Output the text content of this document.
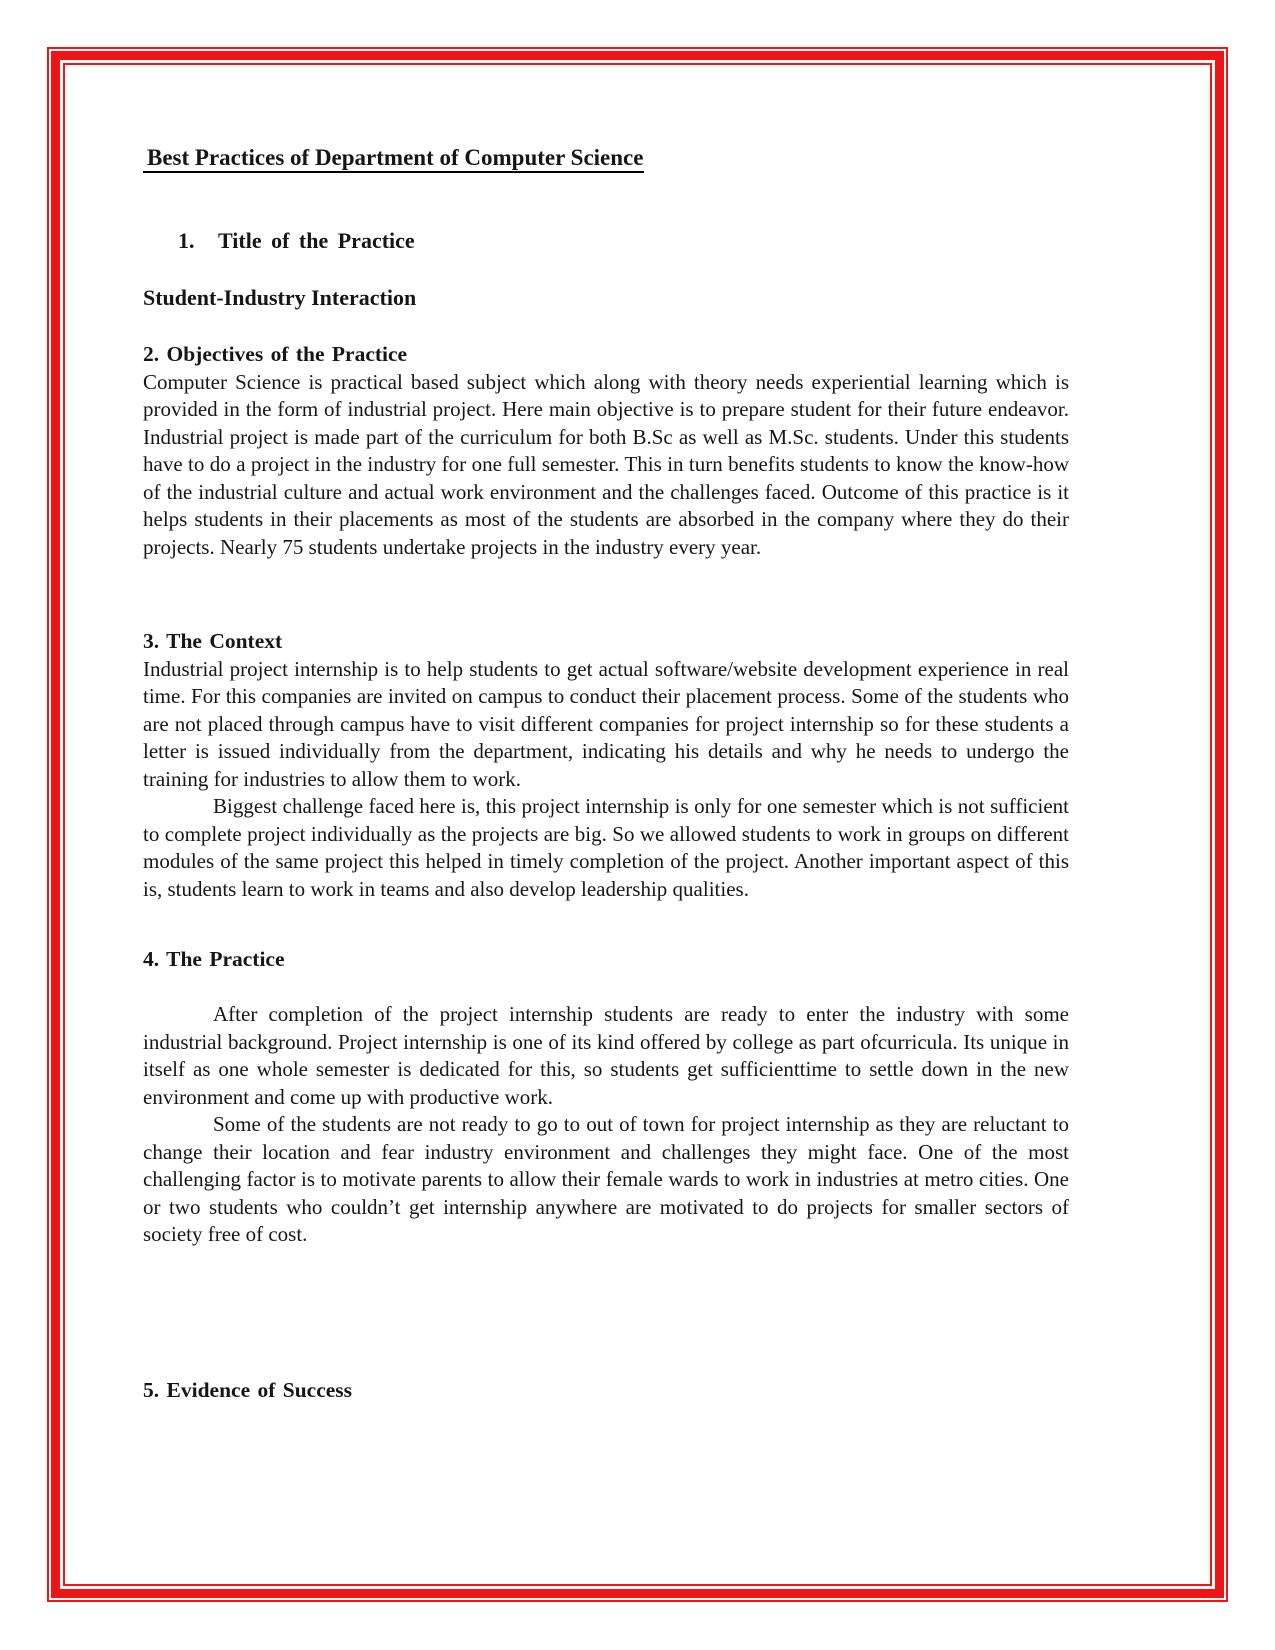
Best Practices of Department of Computer Science
1. Title of the Practice

Student-Industry Interaction

2. Objectives of the Practice

Computer Science is practical based subject which along with theory needs experiential learning which is provided in the form of industrial project. Here main objective is to prepare student for their future endeavor. Industrial project is made part of the curriculum for both B.Sc as well as M.Sc. students. Under this students have to do a project in the industry for one full semester. This in turn benefits students to know the know-how of the industrial culture and actual work environment and the challenges faced. Outcome of this practice is it helps students in their placements as most of the students are absorbed in the company where they do their projects. Nearly 75 students undertake projects in the industry every year.

3. The Context

Industrial project internship is to help students to get actual software/website development experience in real time. For this companies are invited on campus to conduct their placement process. Some of the students who are not placed through campus have to visit different companies for project internship so for these students a letter is issued individually from the department, indicating his details and why he needs to undergo the training for industries to allow them to work.

Biggest challenge faced here is, this project internship is only for one semester which is not sufficient to complete project individually as the projects are big. So we allowed students to work in groups on different modules of the same project this helped in timely completion of the project. Another important aspect of this is, students learn to work in teams and also develop leadership qualities.

4. The Practice

After completion of the project internship students are ready to enter the industry with some industrial background. Project internship is one of its kind offered by college as part ofcurricula. Its unique in itself as one whole semester is dedicated for this, so students get sufficienttime to settle down in the new environment and come up with productive work.

Some of the students are not ready to go to out of town for project internship as they are reluctant to change their location and fear industry environment and challenges they might face. One of the most challenging factor is to motivate parents to allow their female wards to work in industries at metro cities. One or two students who couldn’t get internship anywhere are motivated to do projects for smaller sectors of society free of cost.

5. Evidence of Success
